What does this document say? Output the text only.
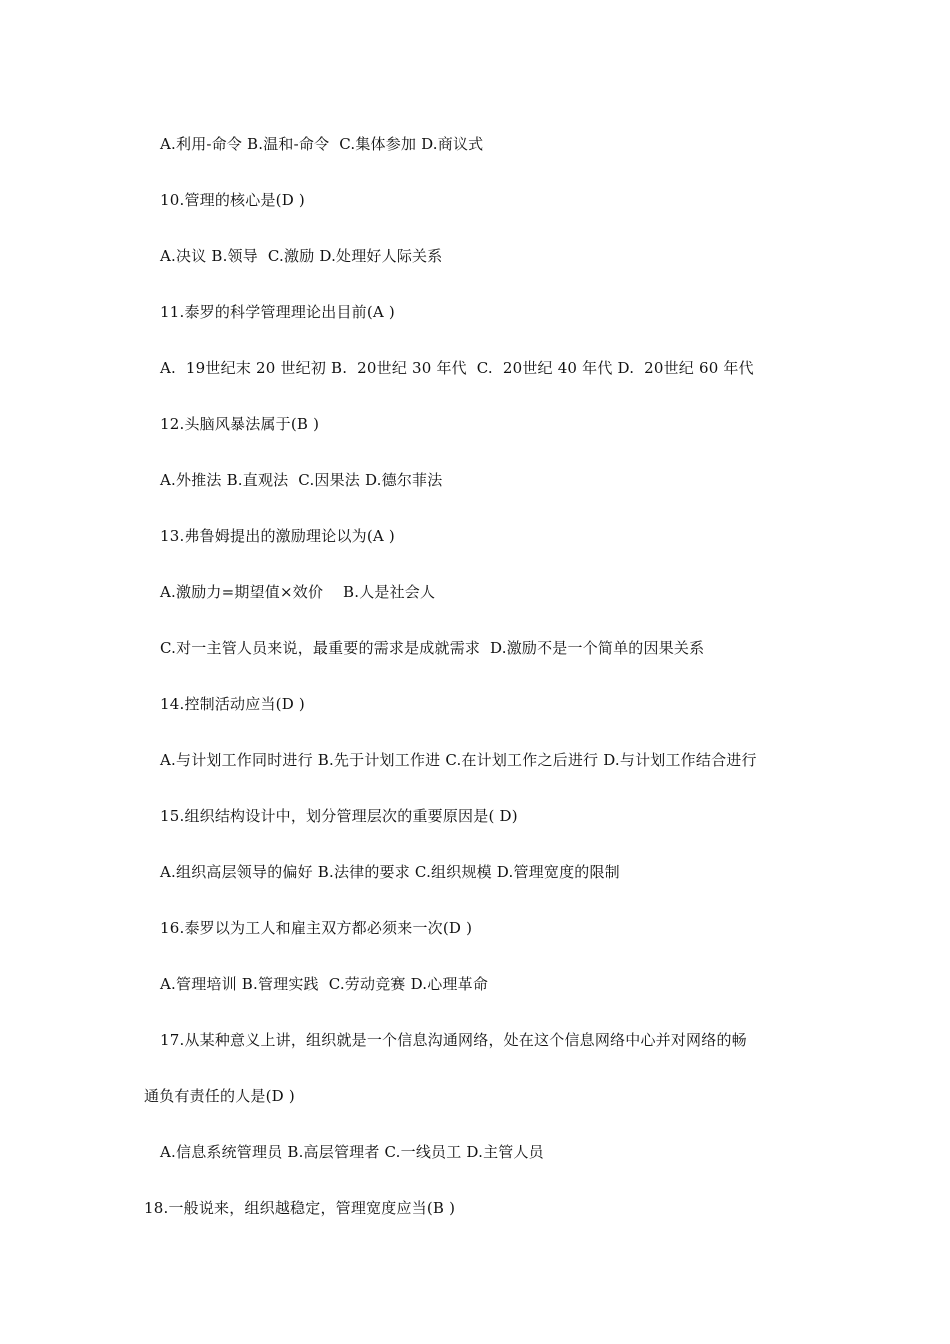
A.利用-命令 B.温和-命令  C.集体参加 D.商议式
10.管理的核心是(D )
A.决议 B.领导  C.激励 D.处理好人际关系
11.泰罗的科学管理理论出目前(A )
A.  19世纪末 20 世纪初 B.  20世纪 30 年代  C.  20世纪 40 年代 D.  20世纪 60 年代
12.头脑风暴法属于(B )
A.外推法 B.直观法  C.因果法 D.德尔菲法
13.弗鲁姆提出的激励理论以为(A )
A.激励力=期望值×效价    B.人是社会人
C.对一主管人员来说，最重要的需求是成就需求  D.激励不是一个简单的因果关系
14.控制活动应当(D )
A.与计划工作同时进行 B.先于计划工作进 C.在计划工作之后进行 D.与计划工作结合进行
15.组织结构设计中，划分管理层次的重要原因是( D)
A.组织高层领导的偏好 B.法律的要求 C.组织规模 D.管理宽度的限制
16.泰罗以为工人和雇主双方都必须来一次(D )
A.管理培训 B.管理实践  C.劳动竞赛 D.心理革命
17.从某种意义上讲，组织就是一个信息沟通网络，处在这个信息网络中心并对网络的畅
通负有责任的人是(D )
A.信息系统管理员 B.高层管理者 C.一线员工 D.主管人员
18.一般说来，组织越稳定，管理宽度应当(B )
